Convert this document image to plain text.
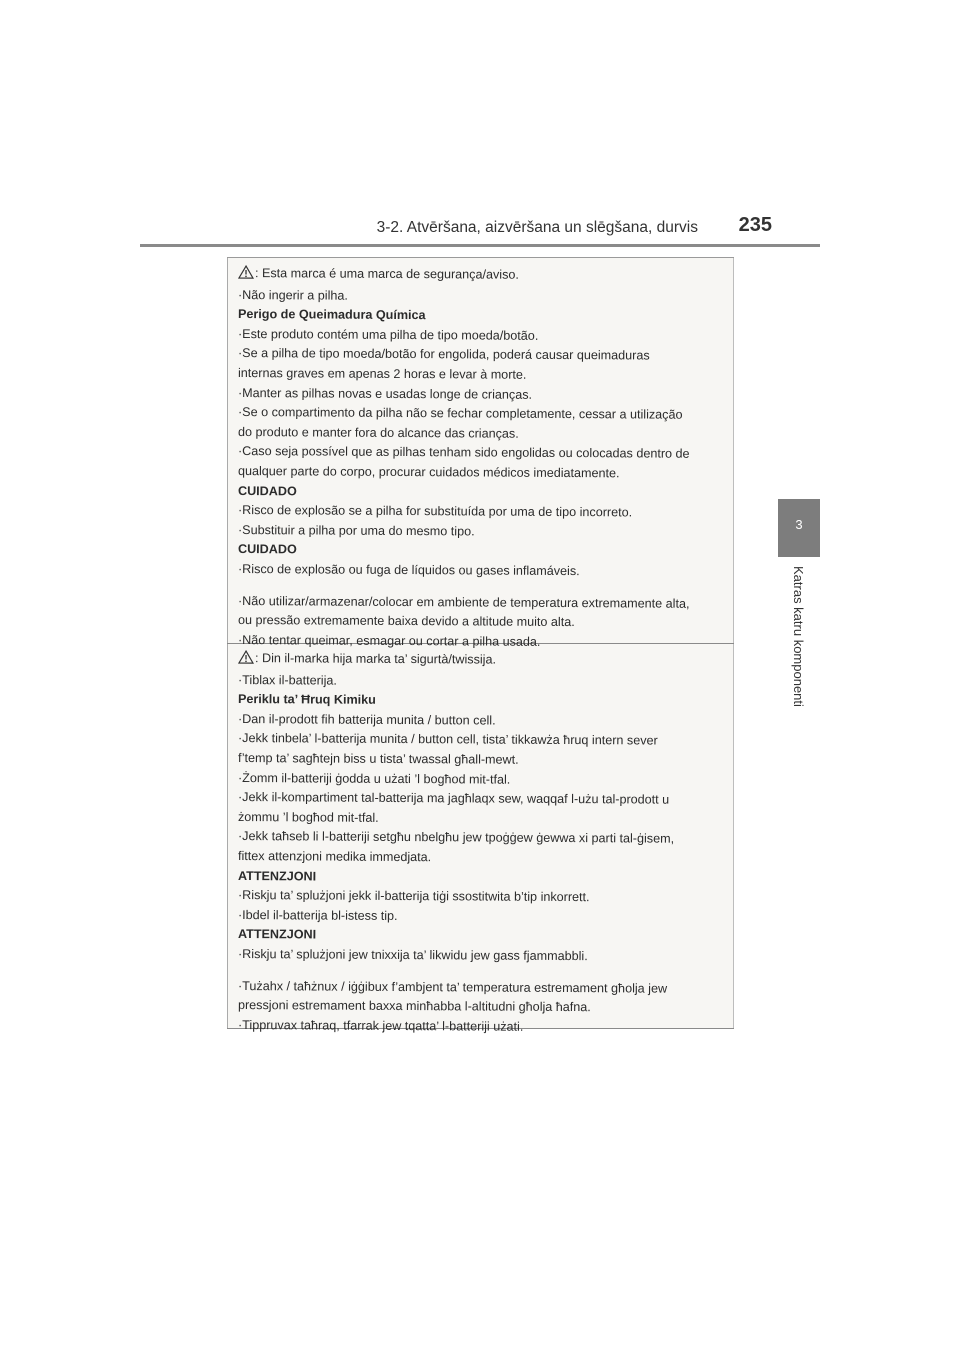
3-2. Atvēršana, aizvēršana un slēgšana, durvis 235
3
Katras katru komponenti
: Esta marca é uma marca de segurança/aviso.
·Não ingerir a pilha.
Perigo de Queimadura Química
·Este produto contém uma pilha de tipo moeda/botão.
·Se a pilha de tipo moeda/botão for engolida, poderá causar queimaduras
internas graves em apenas 2 horas e levar à morte.
·Manter as pilhas novas e usadas longe de crianças.
·Se o compartimento da pilha não se fechar completamente, cessar a utilização
do produto e manter fora do alcance das crianças.
·Caso seja possível que as pilhas tenham sido engolidas ou colocadas dentro de
qualquer parte do corpo, procurar cuidados médicos imediatamente.
CUIDADO
·Risco de explosão se a pilha for substituída por uma de tipo incorreto.
·Substituir a pilha por uma do mesmo tipo.
CUIDADO
·Risco de explosão ou fuga de líquidos ou gases inflamáveis.
·Não utilizar/armazenar/colocar em ambiente de temperatura extremamente alta,
ou pressão extremamente baixa devido a altitude muito alta.
·Não tentar queimar, esmagar ou cortar a pilha usada.
: Din il-marka hija marka ta’ sigurtà/twissija.
·Tiblax il-batterija.
Periklu ta’ Ħruq Kimiku
·Dan il-prodott fih batterija munita / button cell.
·Jekk tinbela’ l-batterija munita / button cell, tista’ tikkawża ħruq intern sever
f’temp ta’ sagħtejn biss u tista’ twassal għall-mewt.
·Żomm il-batteriji ġodda u użati ’l bogħod mit-tfal.
·Jekk il-kompartiment tal-batterija ma jagħlaqx sew, waqqaf l-użu tal-prodott u
żommu ’l bogħod mit-tfal.
·Jekk taħseb li l-batteriji setgħu nbelgħu jew tpoġġew ġewwa xi parti tal-ġisem,
fittex attenzjoni medika immedjata.
ATTENZJONI
·Riskju ta’ splużjoni jekk il-batterija tiġi ssostitwita b’tip inkorrett.
·Ibdel il-batterija bl-istess tip.
ATTENZJONI
·Riskju ta’ splużjoni jew tnixxija ta’ likwidu jew gass fjammabbli.
·Tużahx / taħżnux / iġġibux f’ambjent ta’ temperatura estremament għolja jew
pressjoni estremament baxxa minħabba l-altitudni għolja ħafna.
·Tippruvax taħraq, tfarrak jew tqatta’ l-batteriji użati.
